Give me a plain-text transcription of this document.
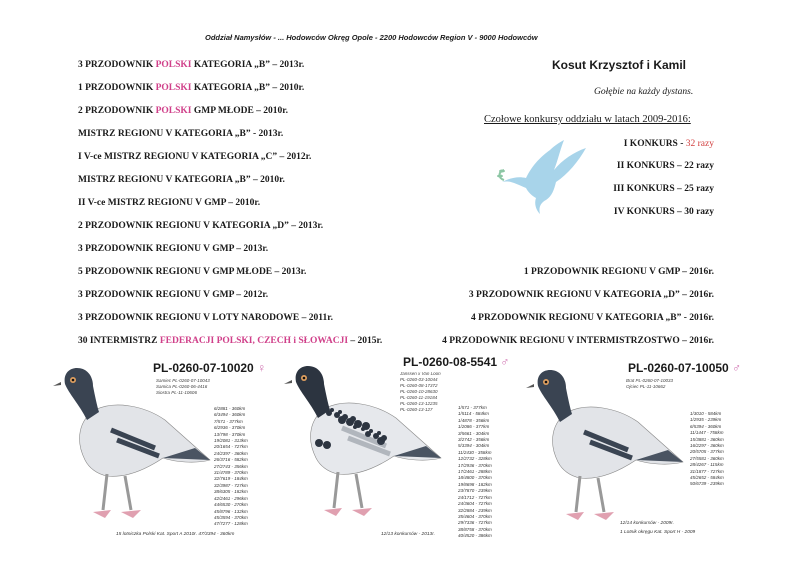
Oddział Namysłów - ... Hodowców Okręg Opole - 2200 Hodowców Region V - 9000 Hodowców
3 PRZODOWNIK POLSKI KATEGORIA „B” – 2013r.
1 PRZODOWNIK POLSKI KATEGORIA „B” – 2010r.
2 PRZODOWNIK POLSKI GMP MŁODE – 2010r.
MISTRZ REGIONU V KATEGORIA „B” - 2013r.
I V-ce MISTRZ REGIONU V KATEGORIA „C” – 2012r.
MISTRZ REGIONU V KATEGORIA „B” – 2010r.
II V-ce MISTRZ REGIONU V GMP – 2010r.
2 PRZODOWNIK REGIONU V KATEGORIA „D” – 2013r.
3 PRZODOWNIK REGIONU V GMP – 2013r.
5 PRZODOWNIK REGIONU V GMP MŁODE – 2013r.
3 PRZODOWNIK REGIONU V GMP – 2012r.
3 PRZODOWNIK REGIONU V LOTY NARODOWE – 2011r.
30 INTERMISTRZ FEDERACJI POLSKI, CZECH i SŁOWACJI – 2015r.
Kosut Krzysztof i Kamil
Gołębie na każdy dystans.
Czołowe konkursy oddziału w latach 2009-2016:
I KONKURS - 32 razy
II KONKURS – 22 razy
III KONKURS – 25 razy
IV KONKURS – 30 razy
1 PRZODOWNIK REGIONU V GMP – 2016r.
3 PRZODOWNIK REGIONU V KATEGORIA „D” – 2016r.
4 PRZODOWNIK REGIONU V KATEGORIA „B” - 2016r.
4 PRZODOWNIK REGIONU V INTERMISTRZOSTWO – 2016r.
PL-0260-07-10020 ♀
Samiec PL-0260-07-10043
Samica PL-0260-06-4416
Siostra PL-11-10606
6/2881 - 360km
6/3494 - 360km
7/571 - 377km
6/2936 - 370km
13/798 - 370km
19/2081 - 313km
20/1654 - 727km
24/2397 - 360km
26/3716 - 582km
27/2743 - 356km
31/4789 - 370km
32/7619 - 184km
32/3987 - 727km
38/6305 - 182km
42/2461 - 296km
44/6530 - 270km
45/8796 - 132km
45/3594 - 370km
47/7277 - 128km
15 lotniczka Polski Kat. Sport A 2010r. 47/3394 - 360km
PL-0260-08-5541 ♂
Janssen x Van Loon
PL-0260-03-10044
PL-0260-08-17372
PL-0260-10-28630
PL-0260-11-19184
PL-0260-13-12235
PL-0260-13-127	1/571 - 377km
1/5114 - 584km
1/4878 - 356km
1/2086 - 377km
3/5661 - 304km
3/2742 - 356km
5/3394 - 304km
11/2430 - 358km
12/2732 - 328km
17/2936 - 370km
17/2461 - 288km
18/4800 - 370km
19/8698 - 182km
23/7870 - 239km
24/1712 - 727km
24/3604 - 727km
32/2884 - 239km
35/4604 - 370km
29/7336 - 727km
38/8758 - 370km
40/4520 - 386km
12/13 konkursów - 2013r.
PL-0260-07-10050 ♂
Brat PL-0260-07-10033
Ojciec PL-11-10662
1/3010 - 584km
1/2935 - 239km
6/5394 - 360km
11/1447 - 758km
15/3881 - 360km
16/2297 - 360km
20/5705 - 377km
27/5581 - 360km
28/4267 - 115km
31/1877 - 727km
45/2652 - 584km
50/6739 - 239km
12/14 konkursów - 2009r.
1 Lotnik okręgu Kat. Sport H - 2009
